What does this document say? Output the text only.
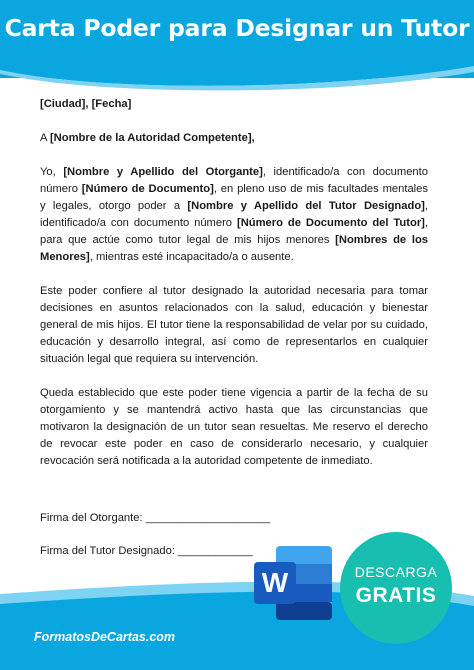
Carta Poder para Designar un Tutor

[Ciudad], [Fecha]

A [Nombre de la Autoridad Competente],

Yo, [Nombre y Apellido del Otorgante], identificado/a con documento número [Número de Documento], en pleno uso de mis facultades mentales y legales, otorgo poder a [Nombre y Apellido del Tutor Designado], identificado/a con documento número [Número de Documento del Tutor], para que actúe como tutor legal de mis hijos menores [Nombres de los Menores], mientras esté incapacitado/a o ausente.

Este poder confiere al tutor designado la autoridad necesaria para tomar decisiones en asuntos relacionados con la salud, educación y bienestar general de mis hijos. El tutor tiene la responsabilidad de velar por su cuidado, educación y desarrollo integral, así como de representarlos en cualquier situación legal que requiera su intervención.

Queda establecido que este poder tiene vigencia a partir de la fecha de su otorgamiento y se mantendrá activo hasta que las circunstancias que motivaron la designación de un tutor sean resueltas. Me reservo el derecho de revocar este poder en caso de considerarlo necesario, y cualquier revocación será notificada a la autoridad competente de inmediato.

Firma del Otorgante: ____________________
Firma del Tutor Designado: ____________
FormatosDeCartas.com
W	DESCARGA
GRATIS
